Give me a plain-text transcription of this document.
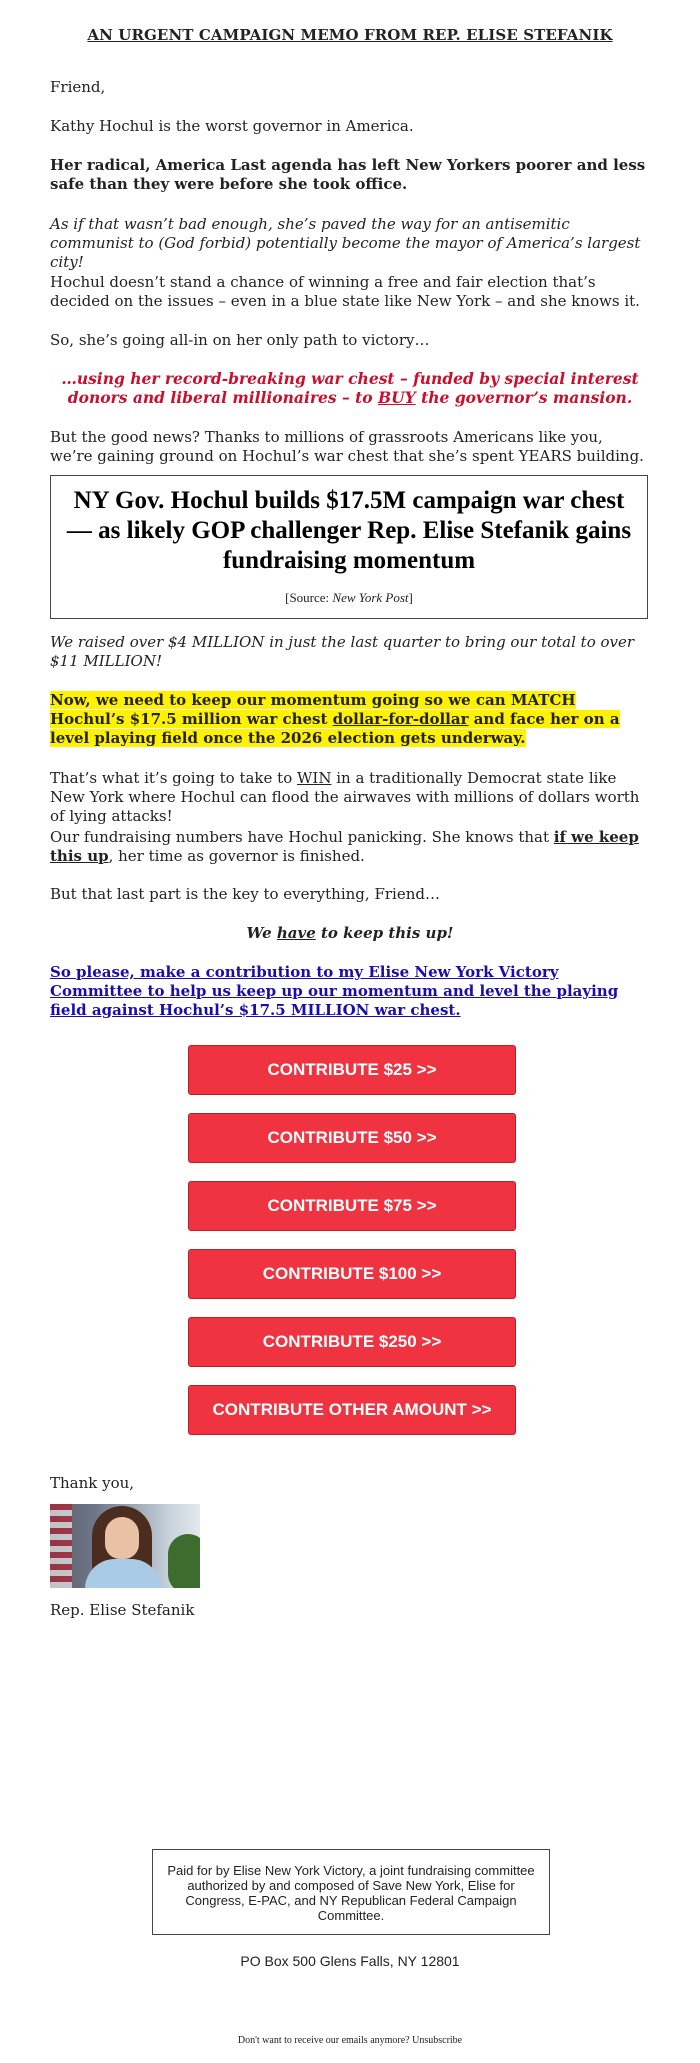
AN URGENT CAMPAIGN MEMO FROM REP. ELISE STEFANIK
Friend,
Kathy Hochul is the worst governor in America.
Her radical, America Last agenda has left New Yorkers poorer and less safe than they were before she took office.
As if that wasn’t bad enough, she’s paved the way for an antisemitic communist to (God forbid) potentially become the mayor of America’s largest city!
Hochul doesn’t stand a chance of winning a free and fair election that’s decided on the issues – even in a blue state like New York – and she knows it.
So, she’s going all-in on her only path to victory…
…using her record-breaking war chest – funded by special interest donors and liberal millionaires – to BUY the governor’s mansion.
But the good news? Thanks to millions of grassroots Americans like you, we’re gaining ground on Hochul’s war chest that she’s spent YEARS building.
NY Gov. Hochul builds $17.5M campaign war chest — as likely GOP challenger Rep. Elise Stefanik gains fundraising momentum
[Source: New York Post]
We raised over $4 MILLION in just the last quarter to bring our total to over $11 MILLION!
Now, we need to keep our momentum going so we can MATCH Hochul’s $17.5 million war chest dollar-for-dollar and face her on a level playing field once the 2026 election gets underway.
That’s what it’s going to take to WIN in a traditionally Democrat state like New York where Hochul can flood the airwaves with millions of dollars worth of lying attacks!
Our fundraising numbers have Hochul panicking. She knows that if we keep this up, her time as governor is finished.
But that last part is the key to everything, Friend…
We have to keep this up!
So please, make a contribution to my Elise New York Victory Committee to help us keep up our momentum and level the playing field against Hochul’s $17.5 MILLION war chest.
CONTRIBUTE $25 >>
CONTRIBUTE $50 >>
CONTRIBUTE $75 >>
CONTRIBUTE $100 >>
CONTRIBUTE $250 >>
CONTRIBUTE OTHER AMOUNT >>
Thank you,
Rep. Elise Stefanik
Paid for by Elise New York Victory, a joint fundraising committee authorized by and composed of Save New York, Elise for Congress, E-PAC, and NY Republican Federal Campaign Committee.
PO Box 500 Glens Falls, NY 12801
Don't want to receive our emails anymore? Unsubscribe
